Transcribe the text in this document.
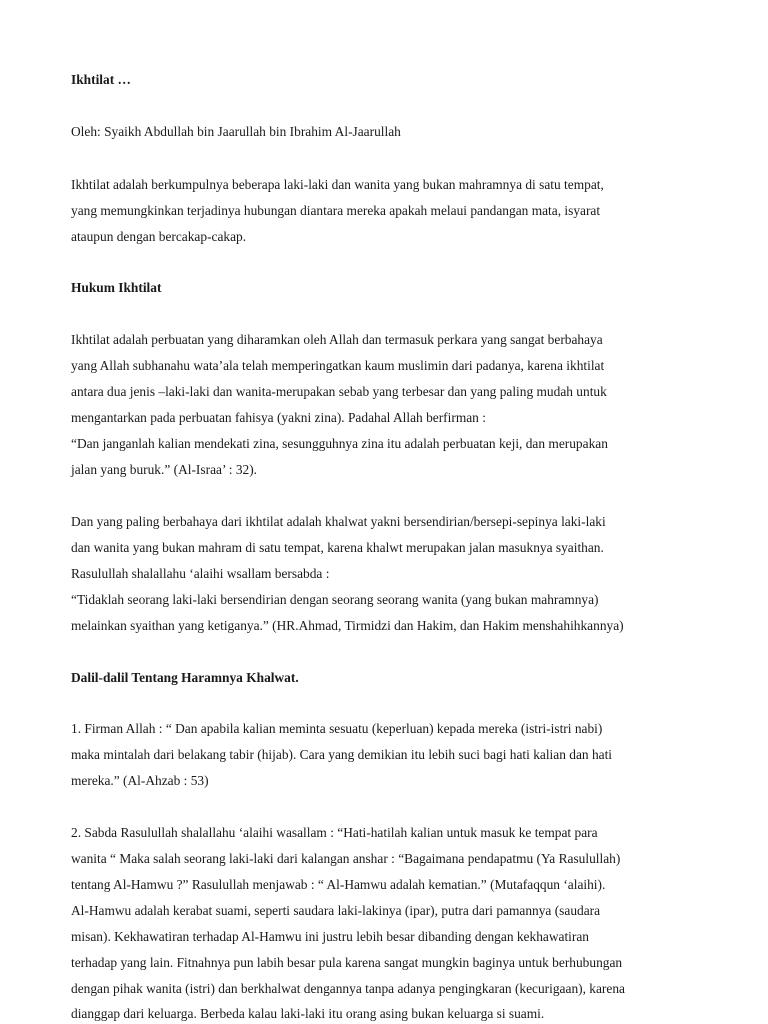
Ikhtilat …
Oleh: Syaikh Abdullah bin Jaarullah bin Ibrahim Al-Jaarullah
Ikhtilat adalah berkumpulnya beberapa laki-laki dan wanita yang bukan mahramnya di satu tempat,
yang memungkinkan terjadinya hubungan diantara mereka apakah melaui pandangan mata, isyarat
ataupun dengan bercakap-cakap.
Hukum Ikhtilat
Ikhtilat adalah perbuatan yang diharamkan oleh Allah dan termasuk perkara yang sangat berbahaya
yang Allah subhanahu wata’ala telah memperingatkan kaum muslimin dari padanya, karena ikhtilat
antara dua jenis –laki-laki dan wanita-merupakan sebab yang terbesar dan yang paling mudah untuk
mengantarkan pada perbuatan fahisya (yakni zina). Padahal Allah berfirman :
“Dan janganlah kalian mendekati zina, sesungguhnya zina itu adalah perbuatan keji, dan merupakan
jalan yang buruk.” (Al-Israa’ : 32).
Dan yang paling berbahaya dari ikhtilat adalah khalwat yakni bersendirian/bersepi-sepinya laki-laki
dan wanita yang bukan mahram di satu tempat, karena khalwt merupakan jalan masuknya syaithan.
Rasulullah shalallahu ‘alaihi wsallam bersabda :
“Tidaklah seorang laki-laki bersendirian dengan seorang seorang wanita (yang bukan mahramnya)
melainkan syaithan yang ketiganya.” (HR.Ahmad, Tirmidzi dan Hakim, dan Hakim menshahihkannya)
Dalil-dalil Tentang Haramnya Khalwat.
1. Firman Allah : “ Dan apabila kalian meminta sesuatu (keperluan) kepada mereka (istri-istri nabi)
maka mintalah dari belakang tabir (hijab). Cara yang demikian itu lebih suci bagi hati kalian dan hati
mereka.” (Al-Ahzab : 53)
2. Sabda Rasulullah shalallahu ‘alaihi wasallam : “Hati-hatilah kalian untuk masuk ke tempat para
wanita “ Maka salah seorang laki-laki dari kalangan anshar : “Bagaimana pendapatmu (Ya Rasulullah)
tentang Al-Hamwu ?” Rasulullah menjawab : “ Al-Hamwu adalah kematian.” (Mutafaqqun ‘alaihi).
Al-Hamwu adalah kerabat suami, seperti saudara laki-lakinya (ipar), putra dari pamannya (saudara
misan). Kekhawatiran terhadap Al-Hamwu ini justru lebih besar dibanding dengan kekhawatiran
terhadap yang lain. Fitnahnya pun labih besar pula karena sangat mungkin baginya untuk berhubungan
dengan pihak wanita (istri) dan berkhalwat dengannya tanpa adanya pengingkaran (kecurigaan), karena
dianggap dari keluarga. Berbeda kalau laki-laki itu orang asing bukan keluarga si suami.
